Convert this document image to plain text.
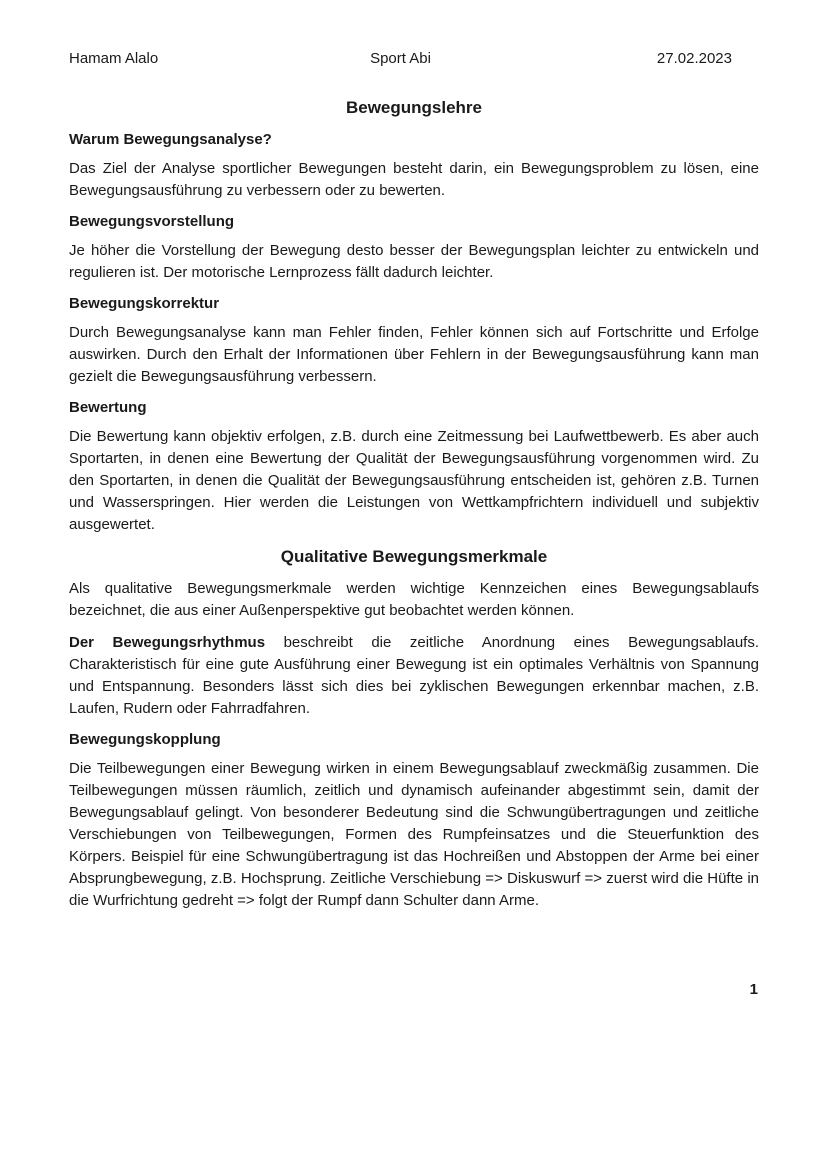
Hamam Alalo	Sport Abi	27.02.2023
Bewegungslehre
Warum Bewegungsanalyse?

Das Ziel der Analyse sportlicher Bewegungen besteht darin, ein Bewegungsproblem zu lösen, eine Bewegungsausführung zu verbessern oder zu bewerten.

Bewegungsvorstellung

Je höher die Vorstellung der Bewegung desto besser der Bewegungsplan leichter zu entwickeln und regulieren ist. Der motorische Lernprozess fällt dadurch leichter.

Bewegungskorrektur

Durch Bewegungsanalyse kann man Fehler finden, Fehler können sich auf Fortschritte und Erfolge auswirken. Durch den Erhalt der Informationen über Fehlern in der Bewegungsausführung kann man gezielt die Bewegungsausführung verbessern.

Bewertung

Die Bewertung kann objektiv erfolgen, z.B. durch eine Zeitmessung bei Laufwettbewerb. Es aber auch Sportarten, in denen eine Bewertung der Qualität der Bewegungsausführung vorgenommen wird. Zu den Sportarten, in denen die Qualität der Bewegungsausführung entscheiden ist, gehören z.B. Turnen und Wasserspringen. Hier werden die Leistungen von Wettkampfrichtern individuell und subjektiv ausgewertet.

Qualitative Bewegungsmerkmale

Als qualitative Bewegungsmerkmale werden wichtige Kennzeichen eines Bewegungsablaufs bezeichnet, die aus einer Außenperspektive gut beobachtet werden können.

Der Bewegungsrhythmus beschreibt die zeitliche Anordnung eines Bewegungsablaufs. Charakteristisch für eine gute Ausführung einer Bewegung ist ein optimales Verhältnis von Spannung und Entspannung. Besonders lässt sich dies bei zyklischen Bewegungen erkennbar machen, z.B. Laufen, Rudern oder Fahrradfahren.

Bewegungskopplung

Die Teilbewegungen einer Bewegung wirken in einem Bewegungsablauf zweckmäßig zusammen. Die Teilbewegungen müssen räumlich, zeitlich und dynamisch aufeinander abgestimmt sein, damit der Bewegungsablauf gelingt. Von besonderer Bedeutung sind die Schwungübertragungen und zeitliche Verschiebungen von Teilbewegungen, Formen des Rumpfeinsatzes und die Steuerfunktion des Körpers. Beispiel für eine Schwungübertragung ist das Hochreißen und Abstoppen der Arme bei einer Absprungbewegung, z.B. Hochsprung. Zeitliche Verschiebung => Diskuswurf => zuerst wird die Hüfte in die Wurfrichtung gedreht => folgt der Rumpf dann Schulter dann Arme.

1
